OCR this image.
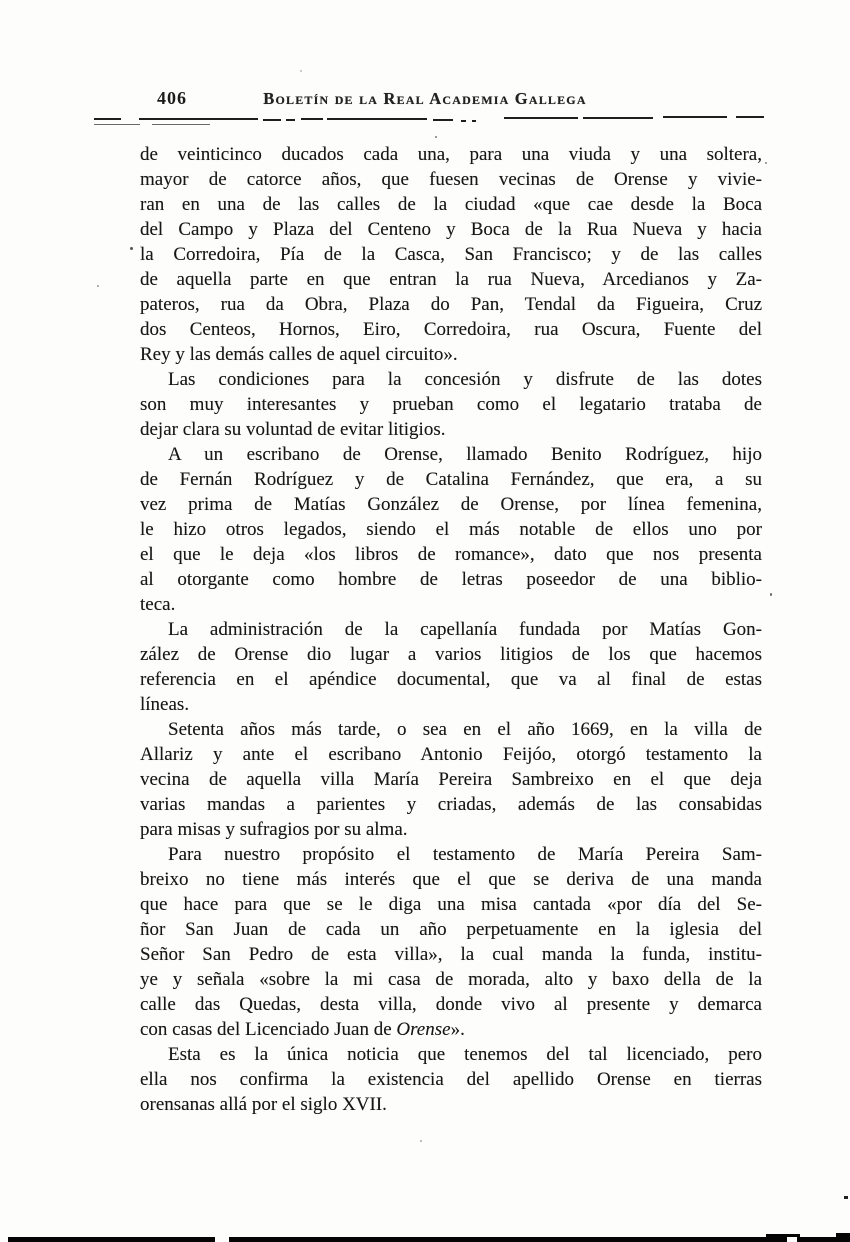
406	Boletín de la Real Academia Gallega
de veinticinco ducados cada una, para una viuda y una soltera,
mayor de catorce años, que fuesen vecinas de Orense y vivie-
ran en una de las calles de la ciudad «que cae desde la Boca
del Campo y Plaza del Centeno y Boca de la Rua Nueva y hacia
la Corredoira, Pía de la Casca, San Francisco; y de las calles
de aquella parte en que entran la rua Nueva, Arcedianos y Za-
pateros, rua da Obra, Plaza do Pan, Tendal da Figueira, Cruz
dos Centeos, Hornos, Eiro, Corredoira, rua Oscura, Fuente del
Rey y las demás calles de aquel circuito».
Las condiciones para la concesión y disfrute de las dotes
son muy interesantes y prueban como el legatario trataba de
dejar clara su voluntad de evitar litigios.
A un escribano de Orense, llamado Benito Rodríguez, hijo
de Fernán Rodríguez y de Catalina Fernández, que era, a su
vez prima de Matías González de Orense, por línea femenina,
le hizo otros legados, siendo el más notable de ellos uno por
el que le deja «los libros de romance», dato que nos presenta
al otorgante como hombre de letras poseedor de una biblio-
teca.
La administración de la capellanía fundada por Matías Gon-
zález de Orense dio lugar a varios litigios de los que hacemos
referencia en el apéndice documental, que va al final de estas
líneas.
Setenta años más tarde, o sea en el año 1669, en la villa de
Allariz y ante el escribano Antonio Feijóo, otorgó testamento la
vecina de aquella villa María Pereira Sambreixo en el que deja
varias mandas a parientes y criadas, además de las consabidas
para misas y sufragios por su alma.
Para nuestro propósito el testamento de María Pereira Sam-
breixo no tiene más interés que el que se deriva de una manda
que hace para que se le diga una misa cantada «por día del Se-
ñor San Juan de cada un año perpetuamente en la iglesia del
Señor San Pedro de esta villa», la cual manda la funda, institu-
ye y señala «sobre la mi casa de morada, alto y baxo della de la
calle das Quedas, desta villa, donde vivo al presente y demarca
con casas del Licenciado Juan de Orense».
Esta es la única noticia que tenemos del tal licenciado, pero
ella nos confirma la existencia del apellido Orense en tierras
orensanas allá por el siglo XVII.
